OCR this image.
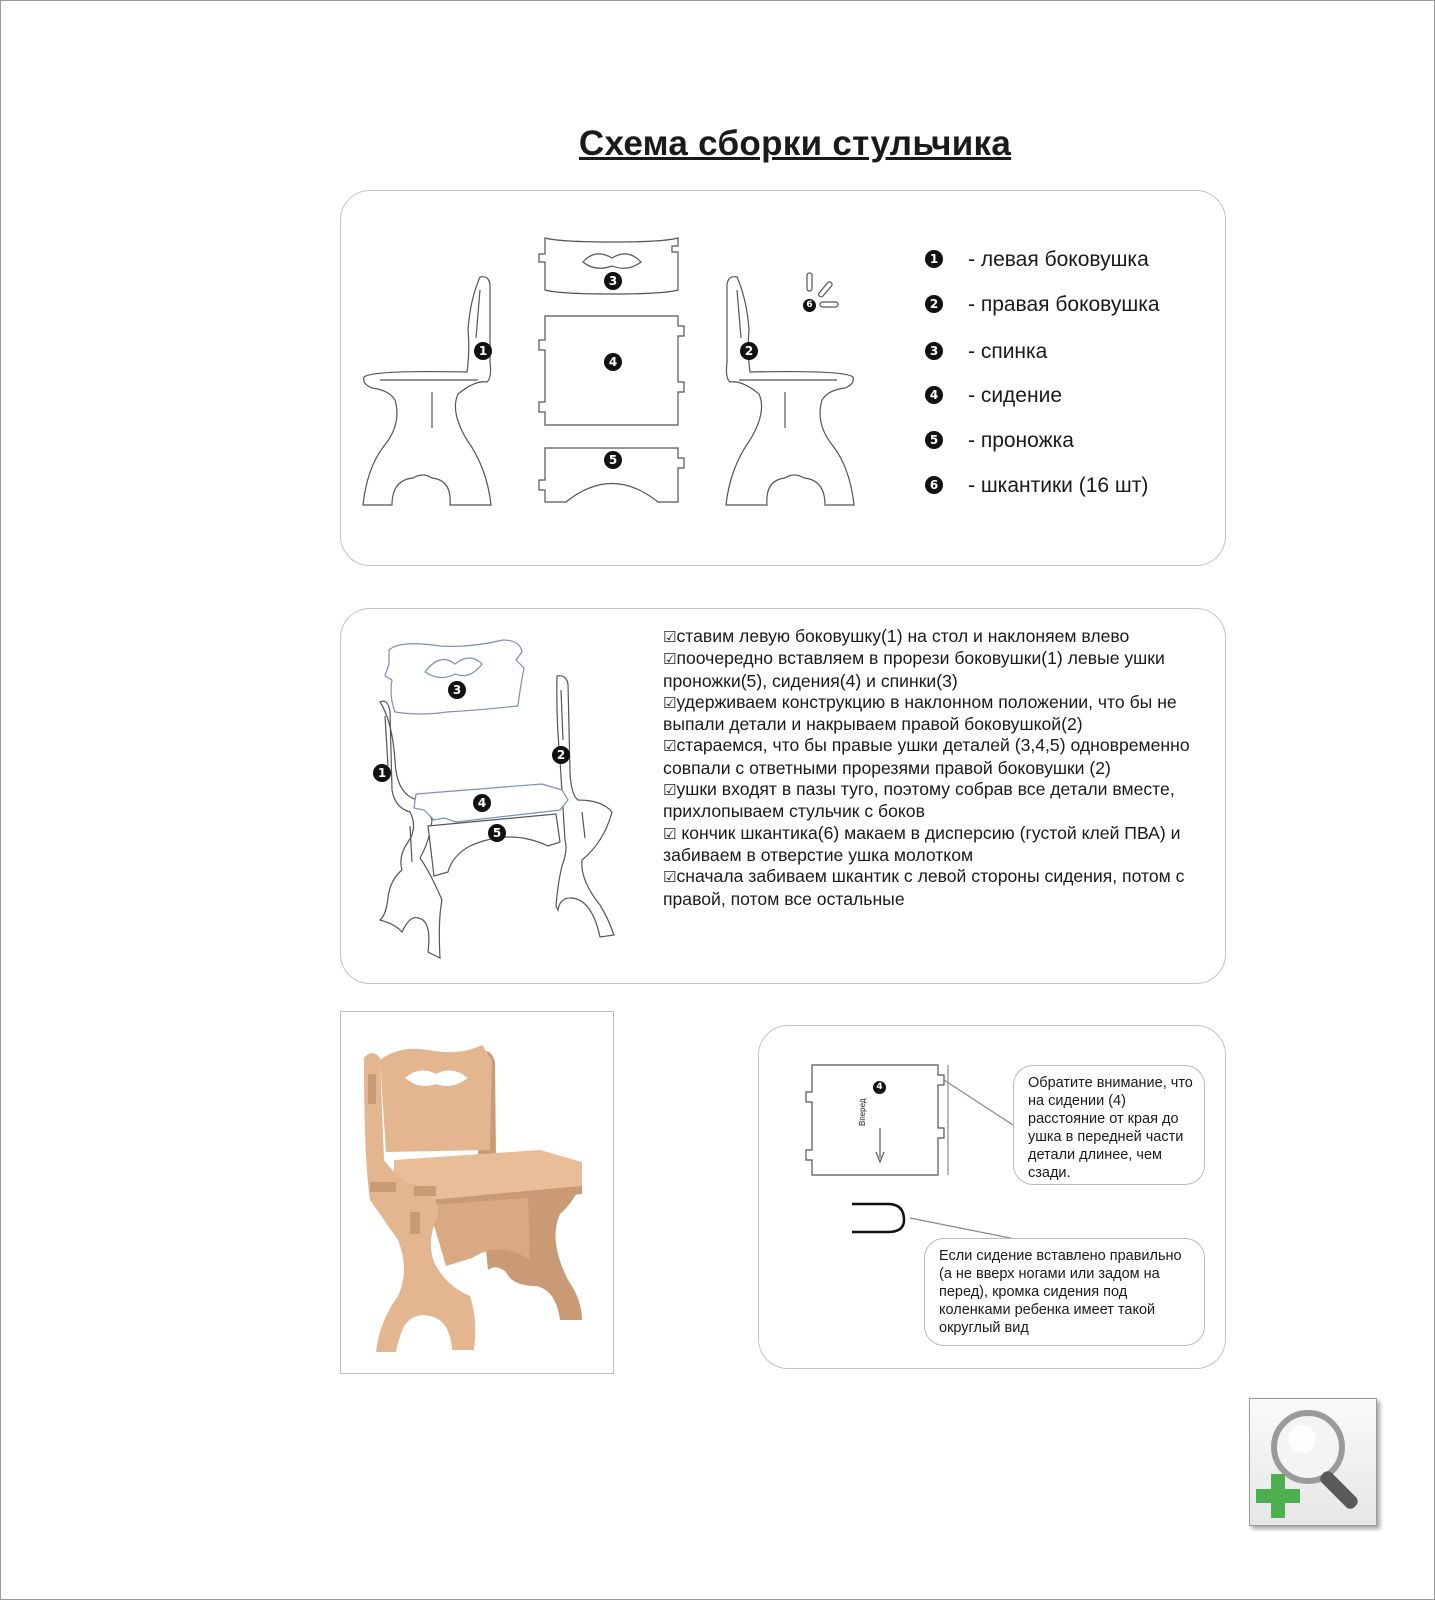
Схема сборки стульчика
1	2
3
4
5
6
1 - левая боковушка
2 - правая боковушка
3 - спинка
4 - сидение
5 - проножка
6 - шкантики (16 шт)
3
1
2
4
5
☑ставим левую боковушку(1) на стол и наклоняем влево
☑поочередно вставляем в прорези боковушки(1) левые ушки   проножки(5), сидения(4) и спинки(3)
☑удерживаем конструкцию в наклонном положении, что бы не выпали детали и накрываем правой боковушкой(2)
☑стараемся, что бы правые ушки деталей (3,4,5) одновременно совпали с ответными прорезями правой боковушки (2)
☑ушки входят в пазы туго, поэтому собрав все детали вместе, прихлопываем стульчик с боков
☑ кончик шкантика(6) макаем в дисперсию (густой клей ПВА) и забиваем в отверстие ушка молотком
☑сначала забиваем шкантик с левой стороны сидения, потом с правой, потом все остальные
4
Вперед
Обратите внимание, что на сидении (4) расстояние от края до ушка в передней части детали длинее, чем сзади.
Если сидение вставлено правильно (а не вверх ногами или задом на перед), кромка сидения под коленками ребенка имеет такой округлый вид
